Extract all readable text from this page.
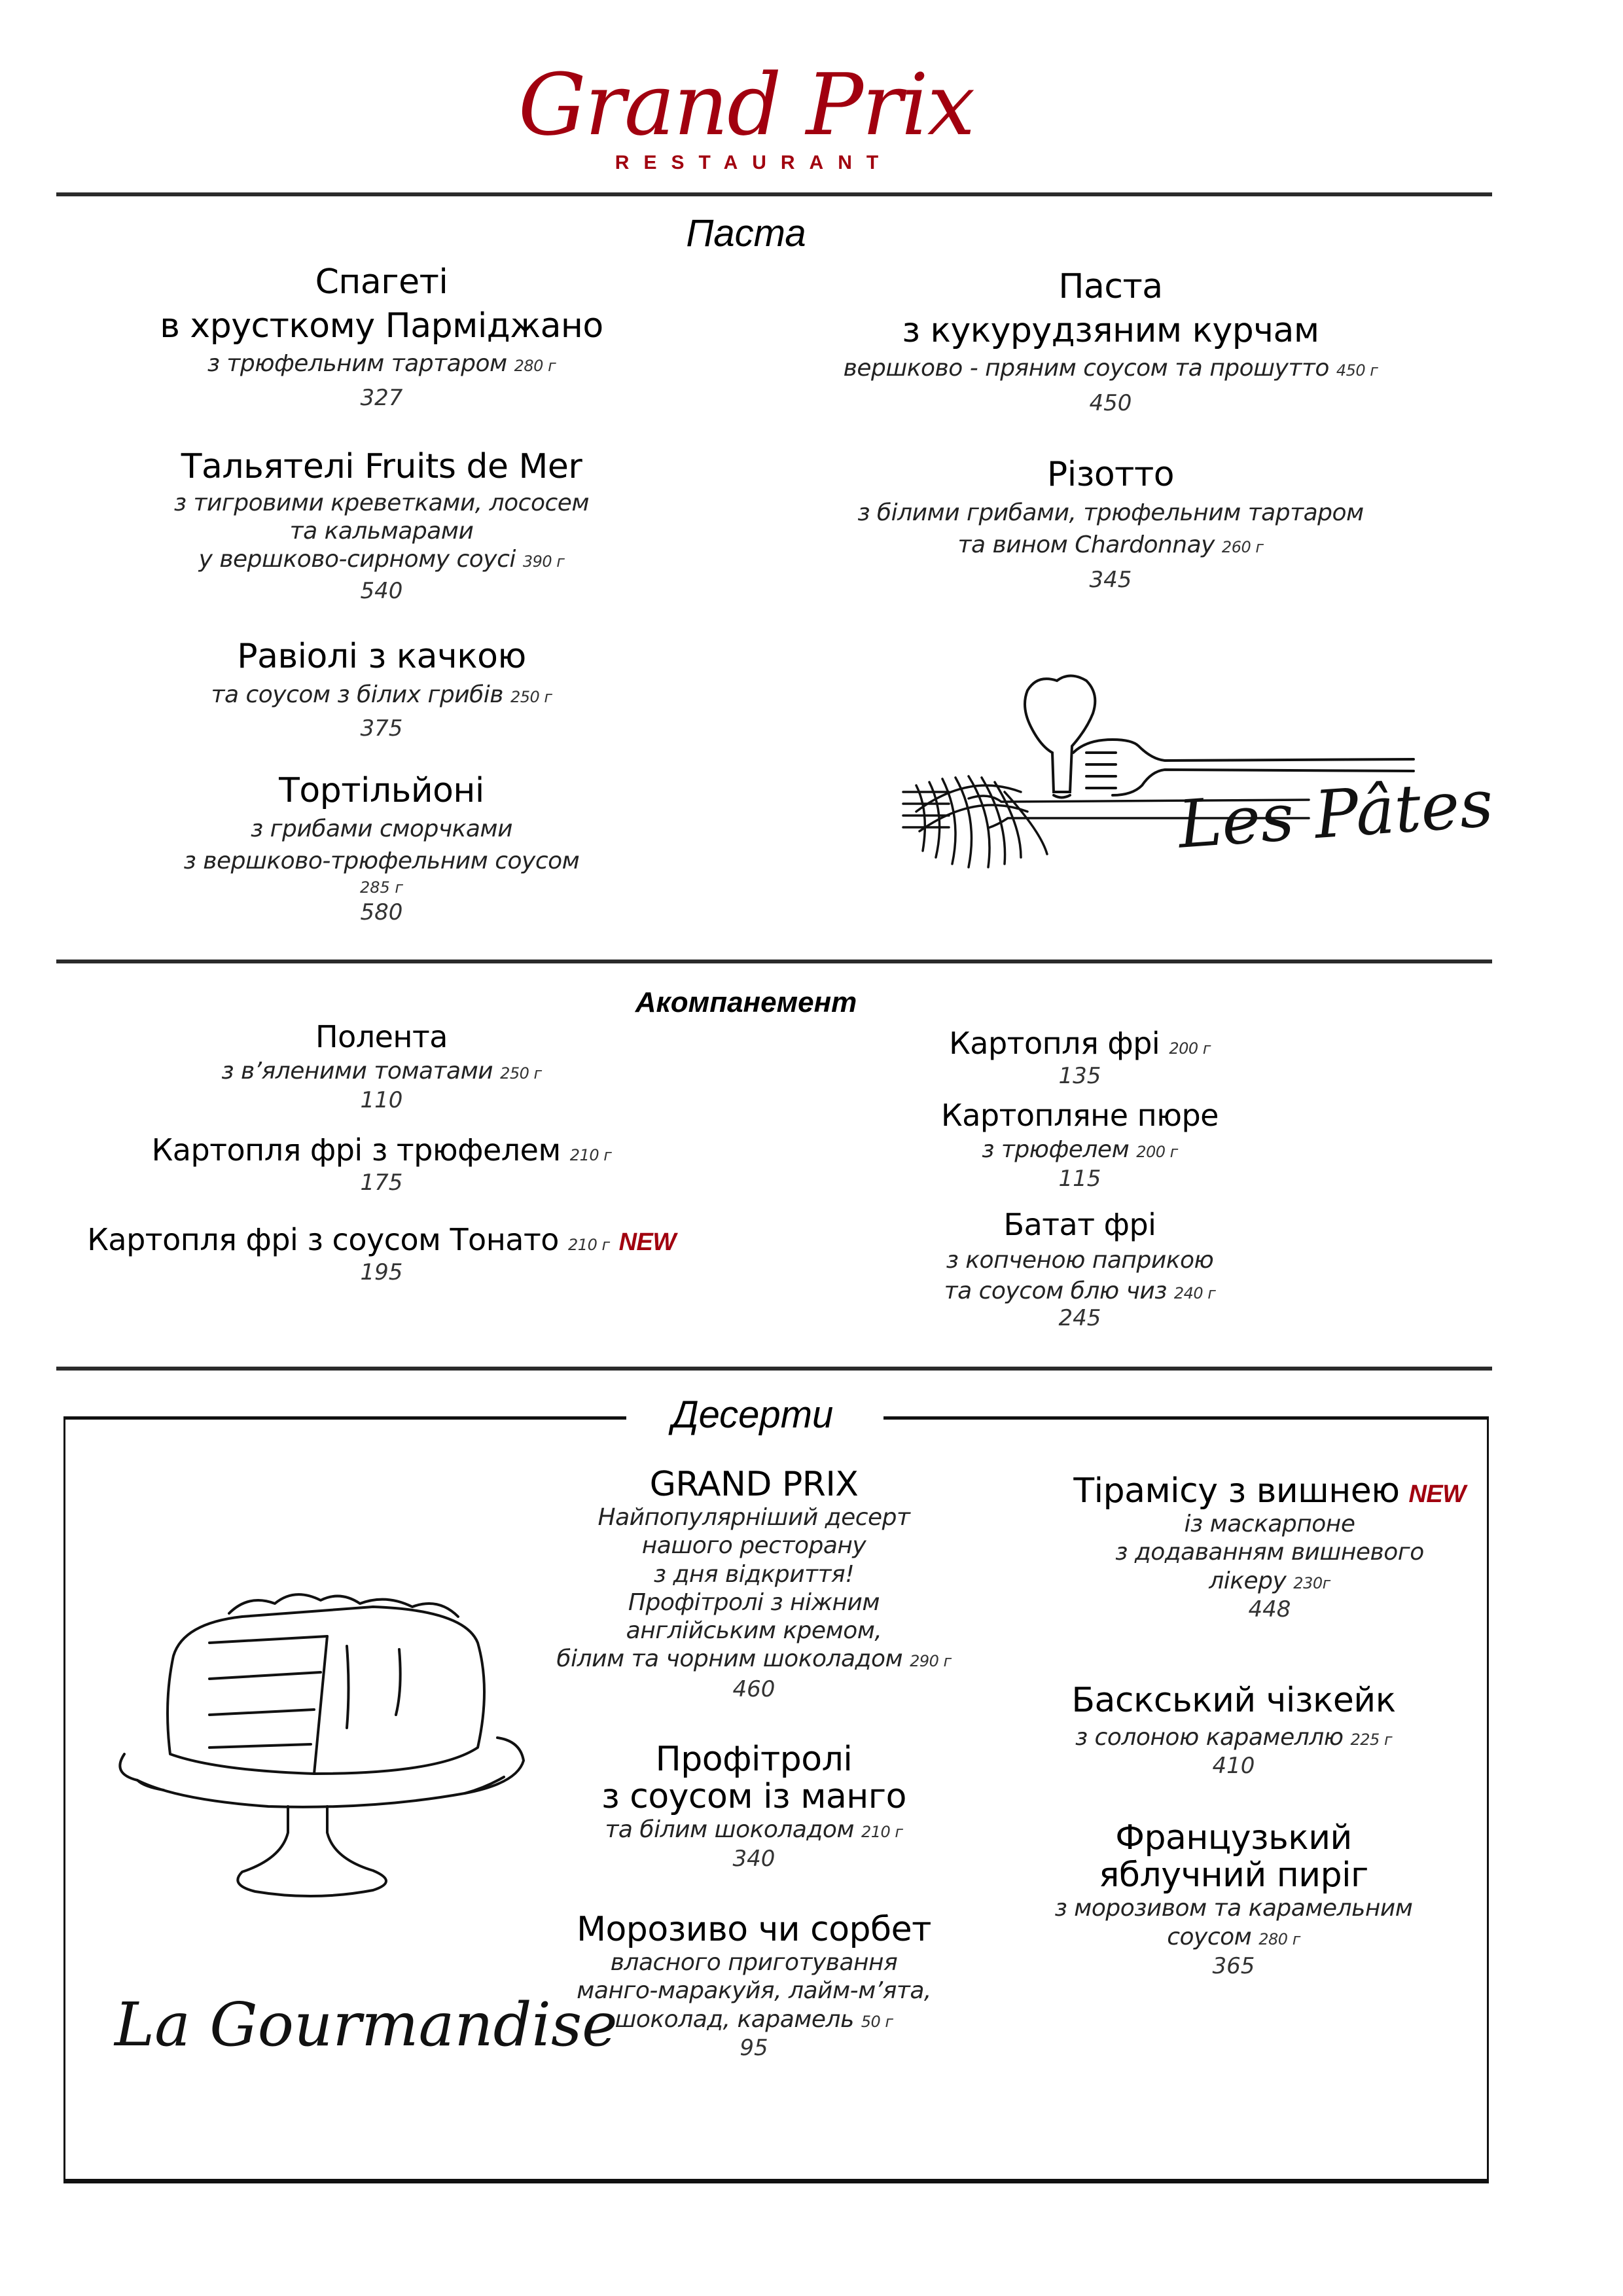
Grand Prix
RESTAURANT
Паста
Спагеті
в хрусткому Парміджано
з трюфельним тартаром 280 г
327
Тальятелі Fruits de Mer
з тигровими креветками, лососем
та кальмарами
у вершково-сирному соусі 390 г
540
Равіолі з качкою
та соусом з білих грибів 250 г
375
Тортільйоні
з грибами сморчками
з вершково-трюфельним соусом
285 г
580
Паста
з кукурудзяним курчам
вершково - пряним соусом та прошутто 450 г
450
Різотто
з білими грибами, трюфельним тартаром
та вином Chardonnay 260 г
345
Les Pâtes
Акомпанемент
Полента
з в’яленими томатами 250 г
110
Картопля фрі з трюфелем 210 г
175
Картопля фрі з соусом Тонато 210 г NEW
195
Картопля фрі 200 г
135
Картопляне пюре
з трюфелем 200 г
115
Батат фрі
з копченою паприкою
та соусом блю чиз 240 г
245
Десерти
La Gourmandise
GRAND PRIX
Найпопулярніший десерт
нашого ресторану
з дня відкриття!
Профітролі з ніжним
англійським кремом,
білим та чорним шоколадом 290 г
460
Профітролі
з соусом із манго
та білим шоколадом 210 г
340
Морозиво чи сорбет
власного приготування
манго-маракуйя, лайм-м’ята,
шоколад, карамель 50 г
95
Тірамісу з вишнею NEW
із маскарпоне
з додаванням вишневого
лікеру 230г
448
Баскський чізкейк
з солоною карамеллю 225 г
410
Французький
яблучний пиріг
з морозивом та карамельним
соусом 280 г
365
